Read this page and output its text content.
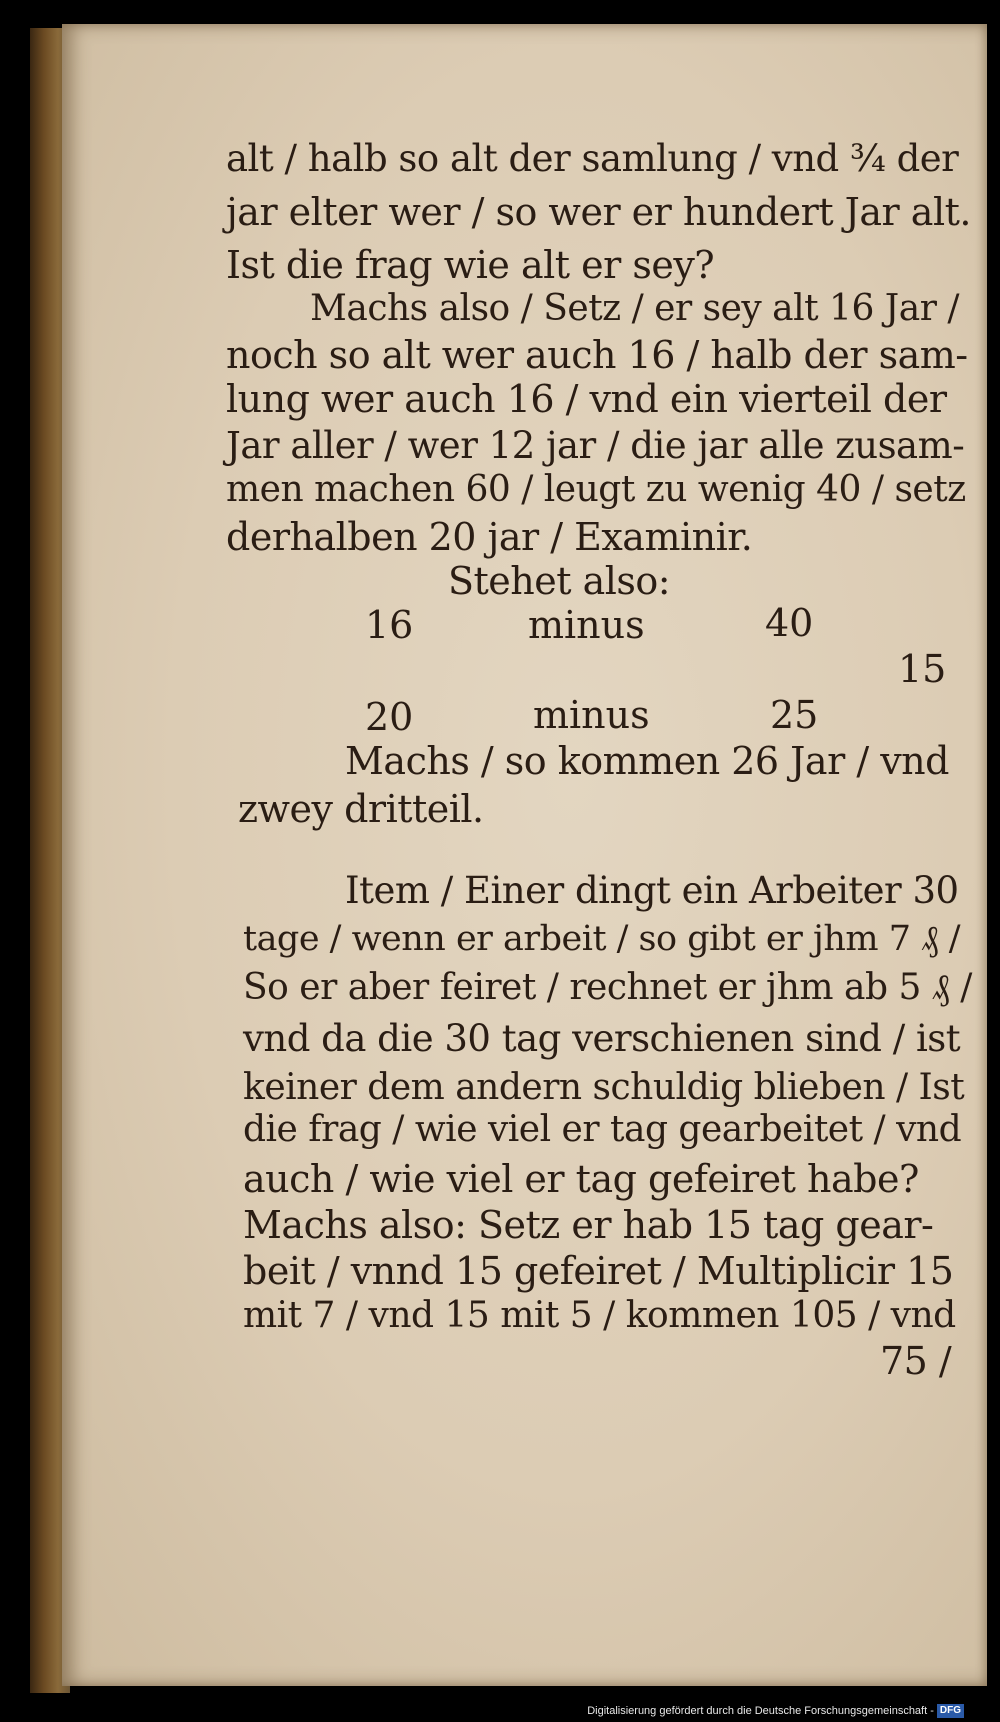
alt / halb so alt der samlung / vnd ¾ der
jar elter wer / so wer er hundert Jar alt.
Ist die frag wie alt er sey?
Machs also / Setz / er sey alt 16 Jar /
noch so alt wer auch 16 / halb der sam-
lung wer auch 16 / vnd ein vierteil der
Jar aller / wer 12 jar / die jar alle zusam-
men machen 60 / leugt zu wenig 40 / setz
derhalben 20 jar / Examinir.
Stehet also:
16	minus	40
15
20	minus	25
Machs / so kommen 26 Jar / vnd
zwey dritteil.
Item / Einer dingt ein Arbeiter 30
tage / wenn er arbeit / so gibt er jhm 7 ₰ /
So er aber feiret / rechnet er jhm ab 5 ₰ /
vnd da die 30 tag verschienen sind / ist
keiner dem andern schuldig blieben / Ist
die frag / wie viel er tag gearbeitet / vnd
auch / wie viel er tag gefeiret habe?
Machs also: Setz er hab 15 tag gear-
beit / vnnd 15 gefeiret / Multiplicir 15
mit 7 / vnd 15 mit 5 / kommen 105 / vnd
75 /
Digitalisierung gefördert durch die Deutsche Forschungsgemeinschaft - DFG
